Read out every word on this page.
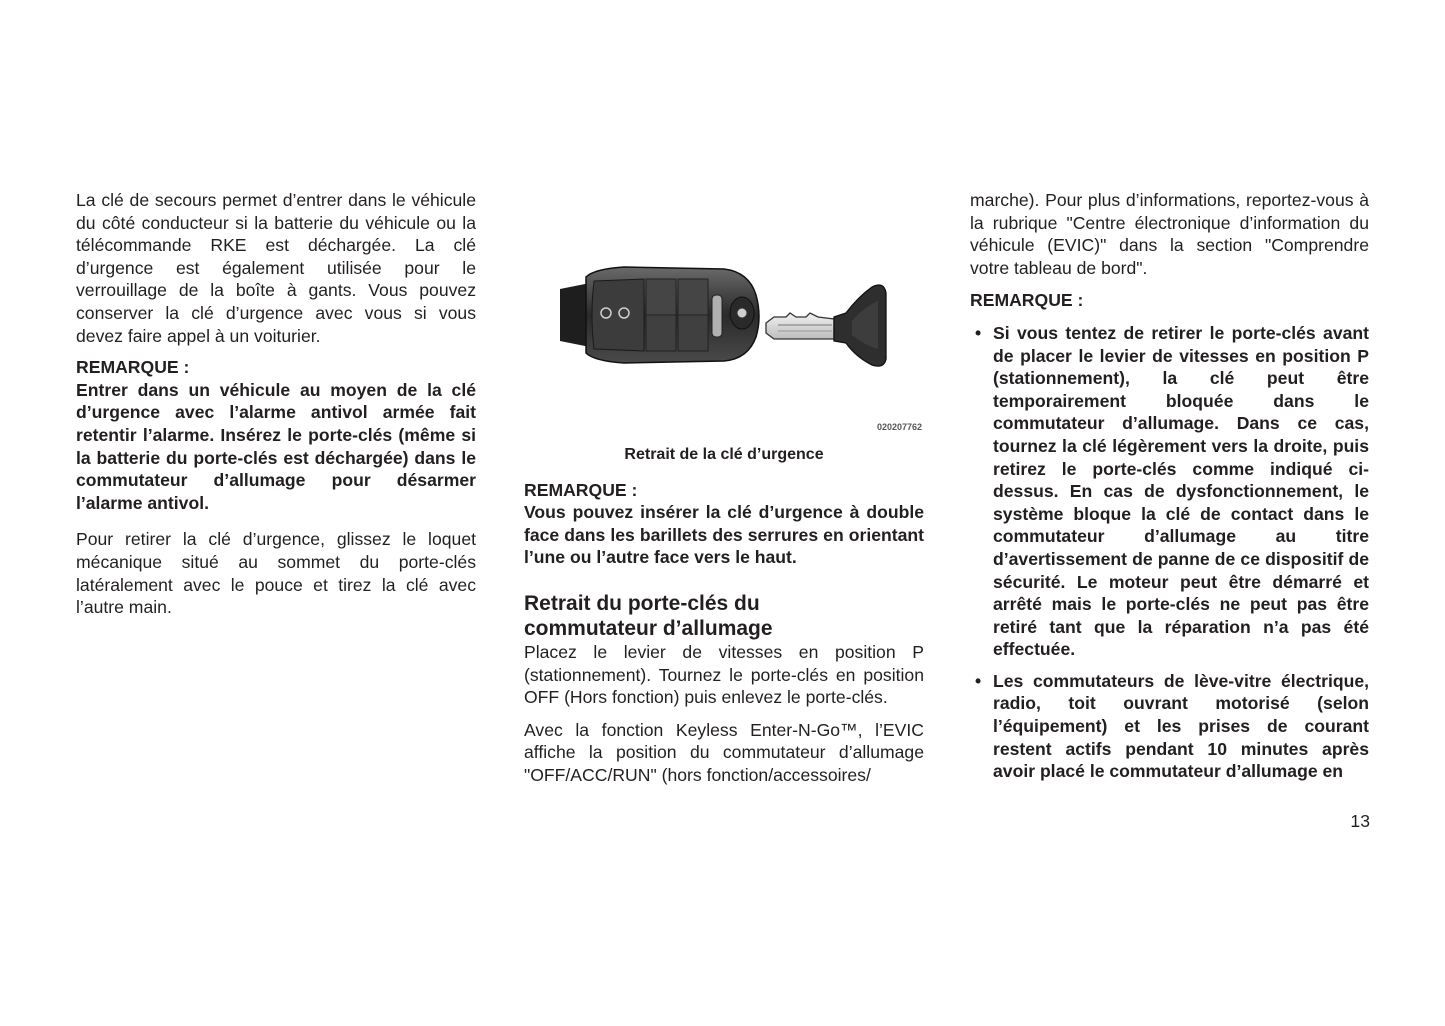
La clé de secours permet d’entrer dans le véhicule du côté conducteur si la batterie du véhicule ou la télécommande RKE est déchargée. La clé d’urgence est également utilisée pour le verrouillage de la boîte à gants. Vous pouvez conserver la clé d’urgence avec vous si vous devez faire appel à un voiturier.

REMARQUE :

Entrer dans un véhicule au moyen de la clé d’urgence avec l’alarme antivol armée fait retentir l’alarme. Insérez le porte-clés (même si la batterie du porte-clés est déchargée) dans le commutateur d’allumage pour désarmer l’alarme antivol.

Pour retirer la clé d’urgence, glissez le loquet mécanique situé au sommet du porte-clés latéralement avec le pouce et tirez la clé avec l’autre main.

020207762
Retrait de la clé d’urgence
REMARQUE :

Vous pouvez insérer la clé d’urgence à double face dans les barillets des serrures en orientant l’une ou l’autre face vers le haut.

Retrait du porte-clés du
commutateur d’allumage

Placez le levier de vitesses en position P (stationnement). Tournez le porte-clés en position OFF (Hors fonction) puis enlevez le porte-clés.

Avec la fonction Keyless Enter-N-Go™, l’EVIC affiche la position du commutateur d’allumage "OFF/ACC/RUN" (hors fonction/accessoires/

marche). Pour plus d’informations, reportez-vous à la rubrique "Centre électronique d’information du véhicule (EVIC)" dans la section "Comprendre votre tableau de bord".

REMARQUE :
• Si vous tentez de retirer le porte-clés avant de placer le levier de vitesses en position P (stationnement), la clé peut être temporairement bloquée dans le commutateur d’allumage. Dans ce cas, tournez la clé légèrement vers la droite, puis retirez le porte-clés comme indiqué ci-dessus. En cas de dysfonctionnement, le système bloque la clé de contact dans le commutateur d’allumage au titre d’avertissement de panne de ce dispositif de sécurité. Le moteur peut être démarré et arrêté mais le porte-clés ne peut pas être retiré tant que la réparation n’a pas été effectuée.
• Les commutateurs de lève-vitre électrique, radio, toit ouvrant motorisé (selon l’équipement) et les prises de courant restent actifs pendant 10 minutes après avoir placé le commutateur d’allumage en
13
